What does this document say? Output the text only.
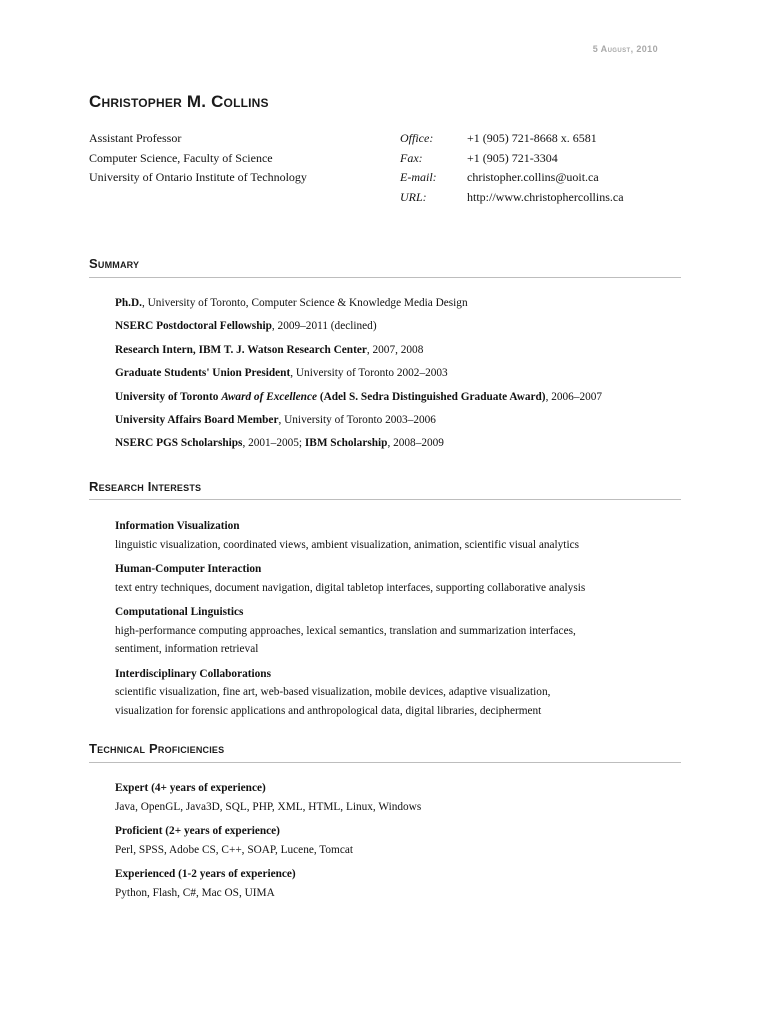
5 August, 2010
Christopher M. Collins
Assistant Professor
Computer Science, Faculty of Science
University of Ontario Institute of Technology
Office:
Fax:
E-mail:
URL:
+1 (905) 721-8668 x. 6581
+1 (905) 721-3304
christopher.collins@uoit.ca
http://www.christophercollins.ca
Summary
Ph.D., University of Toronto, Computer Science & Knowledge Media Design
NSERC Postdoctoral Fellowship, 2009–2011 (declined)
Research Intern, IBM T. J. Watson Research Center, 2007, 2008
Graduate Students' Union President, University of Toronto 2002–2003
University of Toronto Award of Excellence (Adel S. Sedra Distinguished Graduate Award), 2006–2007
University Affairs Board Member, University of Toronto 2003–2006
NSERC PGS Scholarships, 2001–2005; IBM Scholarship, 2008–2009
Research Interests
Information Visualization
linguistic visualization, coordinated views, ambient visualization, animation, scientific visual analytics
Human-Computer Interaction
text entry techniques, document navigation, digital tabletop interfaces, supporting collaborative analysis
Computational Linguistics
high-performance computing approaches, lexical semantics, translation and summarization interfaces,
sentiment, information retrieval
Interdisciplinary Collaborations
scientific visualization, fine art, web-based visualization, mobile devices, adaptive visualization,
visualization for forensic applications and anthropological data, digital libraries, decipherment
Technical Proficiencies
Expert (4+ years of experience)
Java, OpenGL, Java3D, SQL, PHP, XML, HTML, Linux, Windows
Proficient (2+ years of experience)
Perl, SPSS, Adobe CS, C++, SOAP, Lucene, Tomcat
Experienced (1-2 years of experience)
Python, Flash, C#, Mac OS, UIMA
